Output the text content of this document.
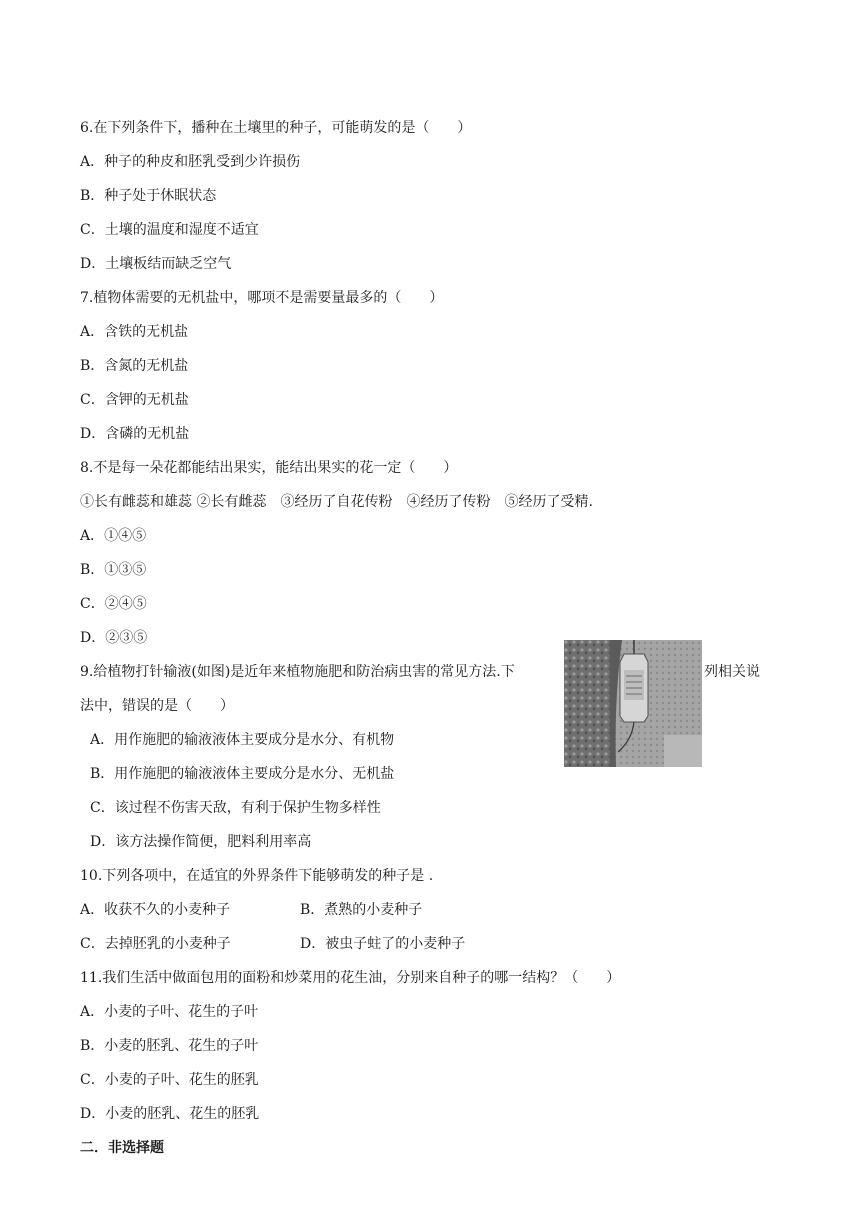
6.在下列条件下，播种在土壤里的种子，可能萌发的是（　　）
A．种子的种皮和胚乳受到少许损伤
B．种子处于休眠状态
C．土壤的温度和湿度不适宜
D．土壤板结而缺乏空气
7.植物体需要的无机盐中，哪项不是需要量最多的（　　）
A．含铁的无机盐
B．含氮的无机盐
C．含钾的无机盐
D．含磷的无机盐
8.不是每一朵花都能结出果实，能结出果实的花一定（　　）
①长有雌蕊和雄蕊 ②长有雌蕊　③经历了自花传粉　④经历了传粉　⑤经历了受精.
A．①④⑤
B．①③⑤
C．②④⑤
D．②③⑤
9.给植物打针输液(如图)是近年来植物施肥和防治病虫害的常见方法.下	列相关说
法中，错误的是（　　）
A．用作施肥的输液液体主要成分是水分、有机物
B．用作施肥的输液液体主要成分是水分、无机盐
C．该过程不伤害天敌，有利于保护生物多样性
D．该方法操作简便，肥料利用率高
10.下列各项中，在适宜的外界条件下能够萌发的种子是 .
A．收获不久的小麦种子	B．煮熟的小麦种子
C．去掉胚乳的小麦种子	D．被虫子蛀了的小麦种子
11.我们生活中做面包用的面粉和炒菜用的花生油，分别来自种子的哪一结构？（　　）
A．小麦的子叶、花生的子叶
B．小麦的胚乳、花生的子叶
C．小麦的子叶、花生的胚乳
D．小麦的胚乳、花生的胚乳
二．非选择题
